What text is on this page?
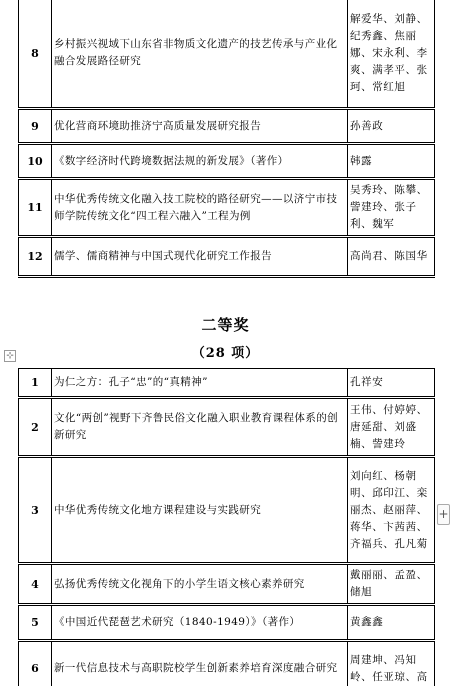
8	乡村振兴视域下山东省非物质文化遗产的技艺传承与产业化融合发展路径研究	解爱华、刘静、纪秀鑫、焦丽娜、宋永利、李爽、满孝平、张珂、常红旭
9	优化营商环境助推济宁高质量发展研究报告	孙善政
10	《数字经济时代跨境数据法规的新发展》（著作）	韩露
11	中华优秀传统文化融入技工院校的路径研究——以济宁市技师学院传统文化“四工程六融入”工程为例	吴秀玲、陈攀、訾建玲、张子利、魏军
12	儒学、儒商精神与中国式现代化研究工作报告	高尚君、陈国华
二等奖
（28 项）
⊹
1	为仁之方：孔子“忠”的“真精神”	孔祥安
2	文化“两创”视野下齐鲁民俗文化融入职业教育课程体系的创新研究	王伟、付婷婷、唐延甜、刘盛楠、訾建玲
3	中华优秀传统文化地方课程建设与实践研究	刘向红、杨朝明、邱印江、栾丽杰、赵丽萍、蒋华、卞茜茜、齐福兵、孔凡菊
4	弘扬优秀传统文化视角下的小学生语文核心素养研究	戴丽丽、孟盈、储旭
5	《中国近代琵琶艺术研究（1840-1949）》（著作）	黄鑫鑫
6	新一代信息技术与高职院校学生创新素养培育深度融合研究	周建坤、冯知岭、任亚琼、高
+
